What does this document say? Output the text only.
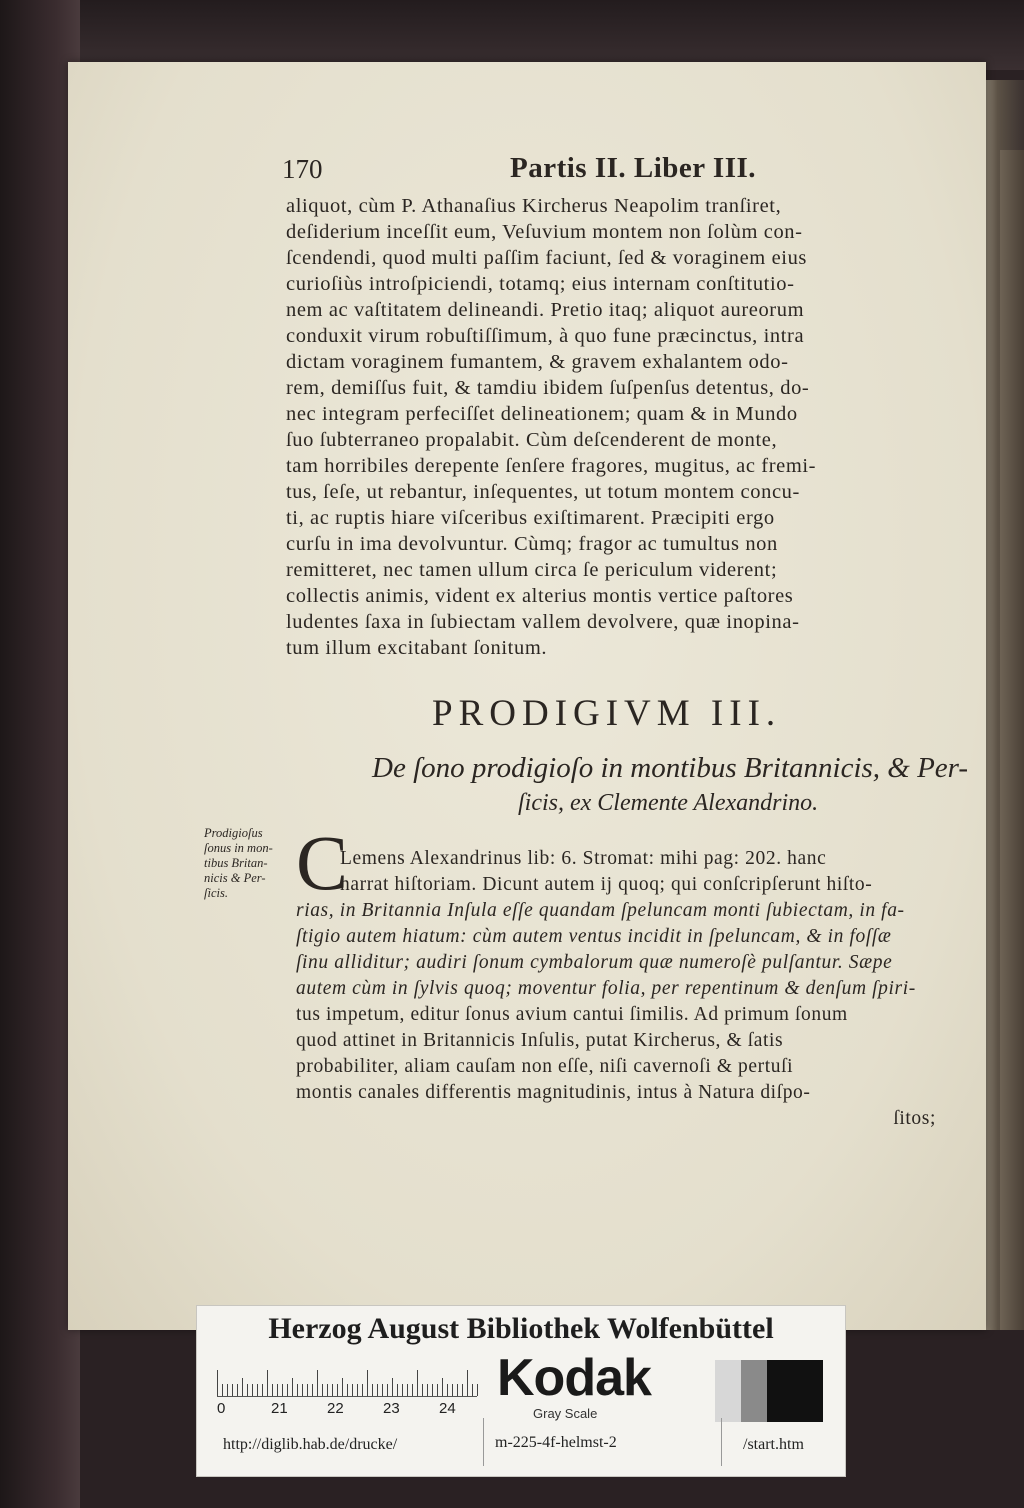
170	Partis II. Liber III.
aliquot, cùm P. Athanaſius Kircherus Neapolim tranſiret,
deſiderium inceſſit eum, Veſuvium montem non ſolùm con-
ſcendendi, quod multi paſſim faciunt, ſed & voraginem eius
curioſiùs introſpiciendi, totamq; eius internam conſtitutio-
nem ac vaſtitatem delineandi. Pretio itaq; aliquot aureorum
conduxit virum robuſtiſſimum, à quo fune præcinctus, intra
dictam voraginem fumantem, & gravem exhalantem odo-
rem, demiſſus fuit, & tamdiu ibidem ſuſpenſus detentus, do-
nec integram perfeciſſet delineationem; quam & in Mundo
ſuo ſubterraneo propalabit. Cùm deſcenderent de monte,
tam horribiles derepente ſenſere fragores, mugitus, ac fremi-
tus, ſeſe, ut rebantur, inſequentes, ut totum montem concu-
ti, ac ruptis hiare viſceribus exiſtimarent. Præcipiti ergo
curſu in ima devolvuntur. Cùmq; fragor ac tumultus non
remitteret, nec tamen ullum circa ſe periculum viderent;
collectis animis, vident ex alterius montis vertice paſtores
ludentes ſaxa in ſubiectam vallem devolvere, quæ inopina-
tum illum excitabant ſonitum.
PRODIGIVM III.
De ſono prodigioſo in montibus Britannicis, & Per-
ſicis, ex Clemente Alexandrino.
Prodigioſus
ſonus in mon-
tibus Britan-
nicis & Per-
ſicis. C
Lemens Alexandrinus lib: 6. Stromat: mihi pag: 202. hanc
narrat hiſtoriam. Dicunt autem ij quoq; qui conſcripſerunt hiſto-
rias, in Britannia Inſula eſſe quandam ſpeluncam monti ſubiectam, in fa-
ſtigio autem hiatum: cùm autem ventus incidit in ſpeluncam, & in foſſæ
ſinu alliditur; audiri ſonum cymbalorum quæ numeroſè pulſantur. Sæpe
autem cùm in ſylvis quoq; moventur folia, per repentinum & denſum ſpiri-
tus impetum, editur ſonus avium cantui ſimilis. Ad primum ſonum
quod attinet in Britannicis Inſulis, putat Kircherus, & ſatis
probabiliter, aliam cauſam non eſſe, niſi cavernoſi & pertuſi
montis canales differentis magnitudinis, intus à Natura diſpo-
ſitos;
Herzog August Bibliothek Wolfenbüttel
0	21	22	23	24
Kodak
Gray Scale
http://diglib.hab.de/drucke/	m-225-4f-helmst-2	/start.htm
